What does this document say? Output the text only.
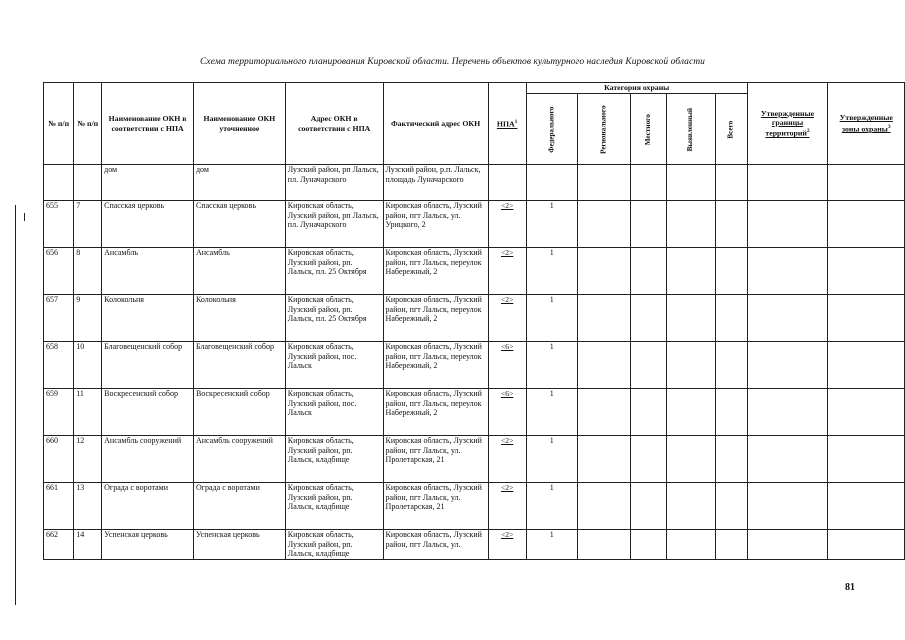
Схема территориального планирования Кировской области. Перечень объектов культурного наследия Кировской области
№ п/п	№ п/п	Наименование ОКН в соответствии с НПА	Наименование ОКН уточненное	Адрес ОКН в соответствии с НПА	Фактический адрес ОКН	НПА$^1$	Категория охраны					Утвержденные границы территорий$^2$	Утвержденные зоны охраны$^3$
							Федерального	Регионального	Местного	Выявленный	Всего		
		дом	дом	Лузский район, рп Лальск, пл. Луначарского	Лузский район, р.п. Лальск, площадь Луначарского								
655	7	Спасская церковь	Спасская церковь	Кировская область, Лузский район, рп Лальск, пл. Луначарского	Кировская область, Лузский район, пгт Лальск, ул. Урицкого, 2	<2>	1						
656	8	Ансамбль	Ансамбль	Кировская область, Лузский район, рп. Лальск, пл. 25 Октября	Кировская область, Лузский район, пгт Лальск, переулок Набережный, 2	<2>	1						
657	9	Колокольня	Колокольня	Кировская область, Лузский район, рп. Лальск, пл. 25 Октября	Кировская область, Лузский район, пгт Лальск, переулок Набережный, 2	<2>	1						
658	10	Благовещенский собор	Благовещенский собор	Кировская область, Лузский район, пос. Лальск	Кировская область, Лузский район, пгт Лальск, переулок Набережный, 2	<6>	1						
659	11	Воскресенский собор	Воскресенский собор	Кировская область, Лузский район, пос. Лальск	Кировская область, Лузский район, пгт Лальск, переулок Набережный, 2	<6>	1						
660	12	Ансамбль сооружений	Ансамбль сооружений	Кировская область, Лузский район, рп. Лальск, кладбище	Кировская область, Лузский район, пгт Лальск, ул. Пролетарская, 21	<2>	1						
661	13	Ограда с воротами	Ограда с воротами	Кировская область, Лузский район, рп. Лальск, кладбище	Кировская область, Лузский район, пгт Лальск, ул. Пролетарская, 21	<2>	1						
662	14	Успенская церковь	Успенская церковь	Кировская область, Лузский район, рп. Лальск, кладбище	Кировская область, Лузский район, пгт Лальск, ул.	<2>	1						
81
